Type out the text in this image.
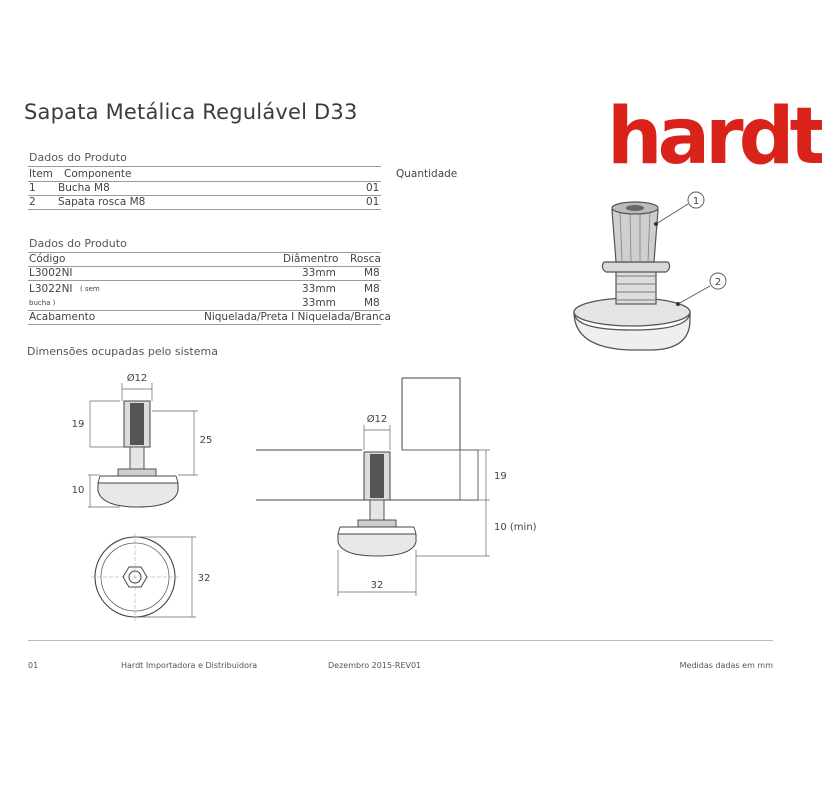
Sapata Metálica Regulável D33	hardt
Dados do Produto
Item Componente	Quantidade
1 Bucha M8	01
2 Sapata rosca M8	01
Dados do Produto
Código	Diâmentro Rosca
L3002NI	33mm	M8
L3022NI ( sem	33mm	M8
bucha )	33mm	M8
Acabamento	Niquelada/Preta I Niquelada/Branca
Dimensões ocupadas pelo sistema
1
2
Ø12
19
25
10
32
Ø12
19
10 (min)
32
01	Hardt Importadora e Distribuidora	Dezembro 2015-REV01	Medidas dadas em mm
